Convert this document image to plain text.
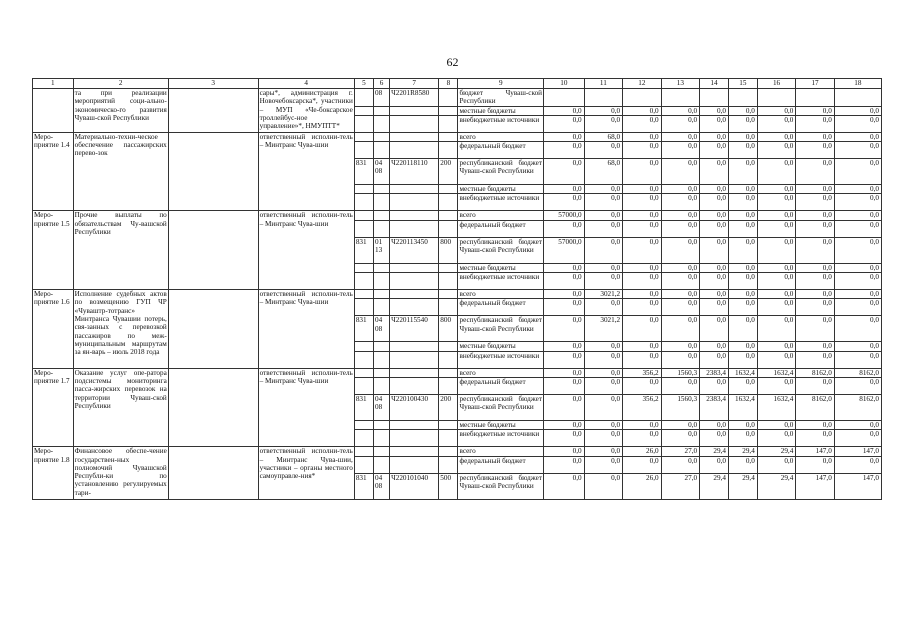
62
1	2	3	4	5	6	7	8	9	10	11	12	13	14	15	16	17	18
	та при реализации мероприятий соци-ально-экономическо-го развития Чуваш-ской Республики		сары*, администрация г. Новочебоксарска*, участники – МУП «Че-боксарское троллейбус-ное управление»*, НМУПТТ*		08	Ч2201R8580		бюджет Чуваш-ской Республики									
								местные бюджеты	0,0	0,0	0,0	0,0	0,0	0,0	0,0	0,0	0,0
								внебюджетные источники	0,0	0,0	0,0	0,0	0,0	0,0	0,0	0,0	0,0
Меро-приятие 1.4	Материально-техни-ческое обеспечение пассажирских перево-зок		ответственный исполни-тель – Минтранс Чува-шии					всего	0,0	68,0	0,0	0,0	0,0	0,0	0,0	0,0	0,0
								федеральный бюджет	0,0	0,0	0,0	0,0	0,0	0,0	0,0	0,0	0,0
				831	04 08	Ч220118110	200	республиканский бюджет Чуваш-ской Республики	0,0	68,0	0,0	0,0	0,0	0,0	0,0	0,0	0,0
								местные бюджеты	0,0	0,0	0,0	0,0	0,0	0,0	0,0	0,0	0,0
								внебюджетные источники	0,0	0,0	0,0	0,0	0,0	0,0	0,0	0,0	0,0
Меро-приятие 1.5	Прочие выплаты по обязательствам Чу-вашской Республики		ответственный исполни-тель – Минтранс Чува-шии					всего	57000,0	0,0	0,0	0,0	0,0	0,0	0,0	0,0	0,0
								федеральный бюджет	0,0	0,0	0,0	0,0	0,0	0,0	0,0	0,0	0,0
				831	01 13	Ч220113450	800	республиканский бюджет Чуваш-ской Республики	57000,0	0,0	0,0	0,0	0,0	0,0	0,0	0,0	0,0
								местные бюджеты	0,0	0,0	0,0	0,0	0,0	0,0	0,0	0,0	0,0
								внебюджетные источники	0,0	0,0	0,0	0,0	0,0	0,0	0,0	0,0	0,0
Меро-приятие 1.6	Исполнение судебных актов по возмещению ГУП ЧР «Чуваштр-тотранс» Минтранса Чувашии потерь, свя-занных с перевозкой пассажиров по меж-муниципальным маршрутам за ян-варь – июль 2018 года		ответственный исполни-тель – Минтранс Чува-шии					всего	0,0	3021,2	0,0	0,0	0,0	0,0	0,0	0,0	0,0
								федеральный бюджет	0,0	0,0	0,0	0,0	0,0	0,0	0,0	0,0	0,0
				831	04 08	Ч220115540	800	республиканский бюджет Чуваш-ской Республики	0,0	3021,2	0,0	0,0	0,0	0,0	0,0	0,0	0,0
								местные бюджеты	0,0	0,0	0,0	0,0	0,0	0,0	0,0	0,0	0,0
								внебюджетные источники	0,0	0,0	0,0	0,0	0,0	0,0	0,0	0,0	0,0
Меро-приятие 1.7	Оказание услуг опе-ратора подсистемы мониторинга пасса-жирских перевозок на территории Чуваш-ской Республики		ответственный исполни-тель – Минтранс Чува-шии					всего	0,0	0,0	356,2	1560,3	2383,4	1632,4	1632,4	8162,0	8162,0
								федеральный бюджет	0,0	0,0	0,0	0,0	0,0	0,0	0,0	0,0	0,0
				831	04 08	Ч220100430	200	республиканский бюджет Чуваш-ской Республики	0,0	0,0	356,2	1560,3	2383,4	1632,4	1632,4	8162,0	8162,0
								местные бюджеты	0,0	0,0	0,0	0,0	0,0	0,0	0,0	0,0	0,0
								внебюджетные источники	0,0	0,0	0,0	0,0	0,0	0,0	0,0	0,0	0,0
Меро-приятие 1.8	Финансовое обеспе-чение государствен-ных полномочий Чувашской Республи-ки по установлению регулируемых тари-		ответственный исполни-тель – Минтранс Чува-шии, участники – органы местного самоуправле-ния*					всего	0,0	0,0	26,0	27,0	29,4	29,4	29,4	147,0	147,0
								федеральный бюджет	0,0	0,0	0,0	0,0	0,0	0,0	0,0	0,0	0,0
				831	04 08	Ч220101040	500	республиканский бюджет Чуваш-ской Республики	0,0	0,0	26,0	27,0	29,4	29,4	29,4	147,0	147,0
